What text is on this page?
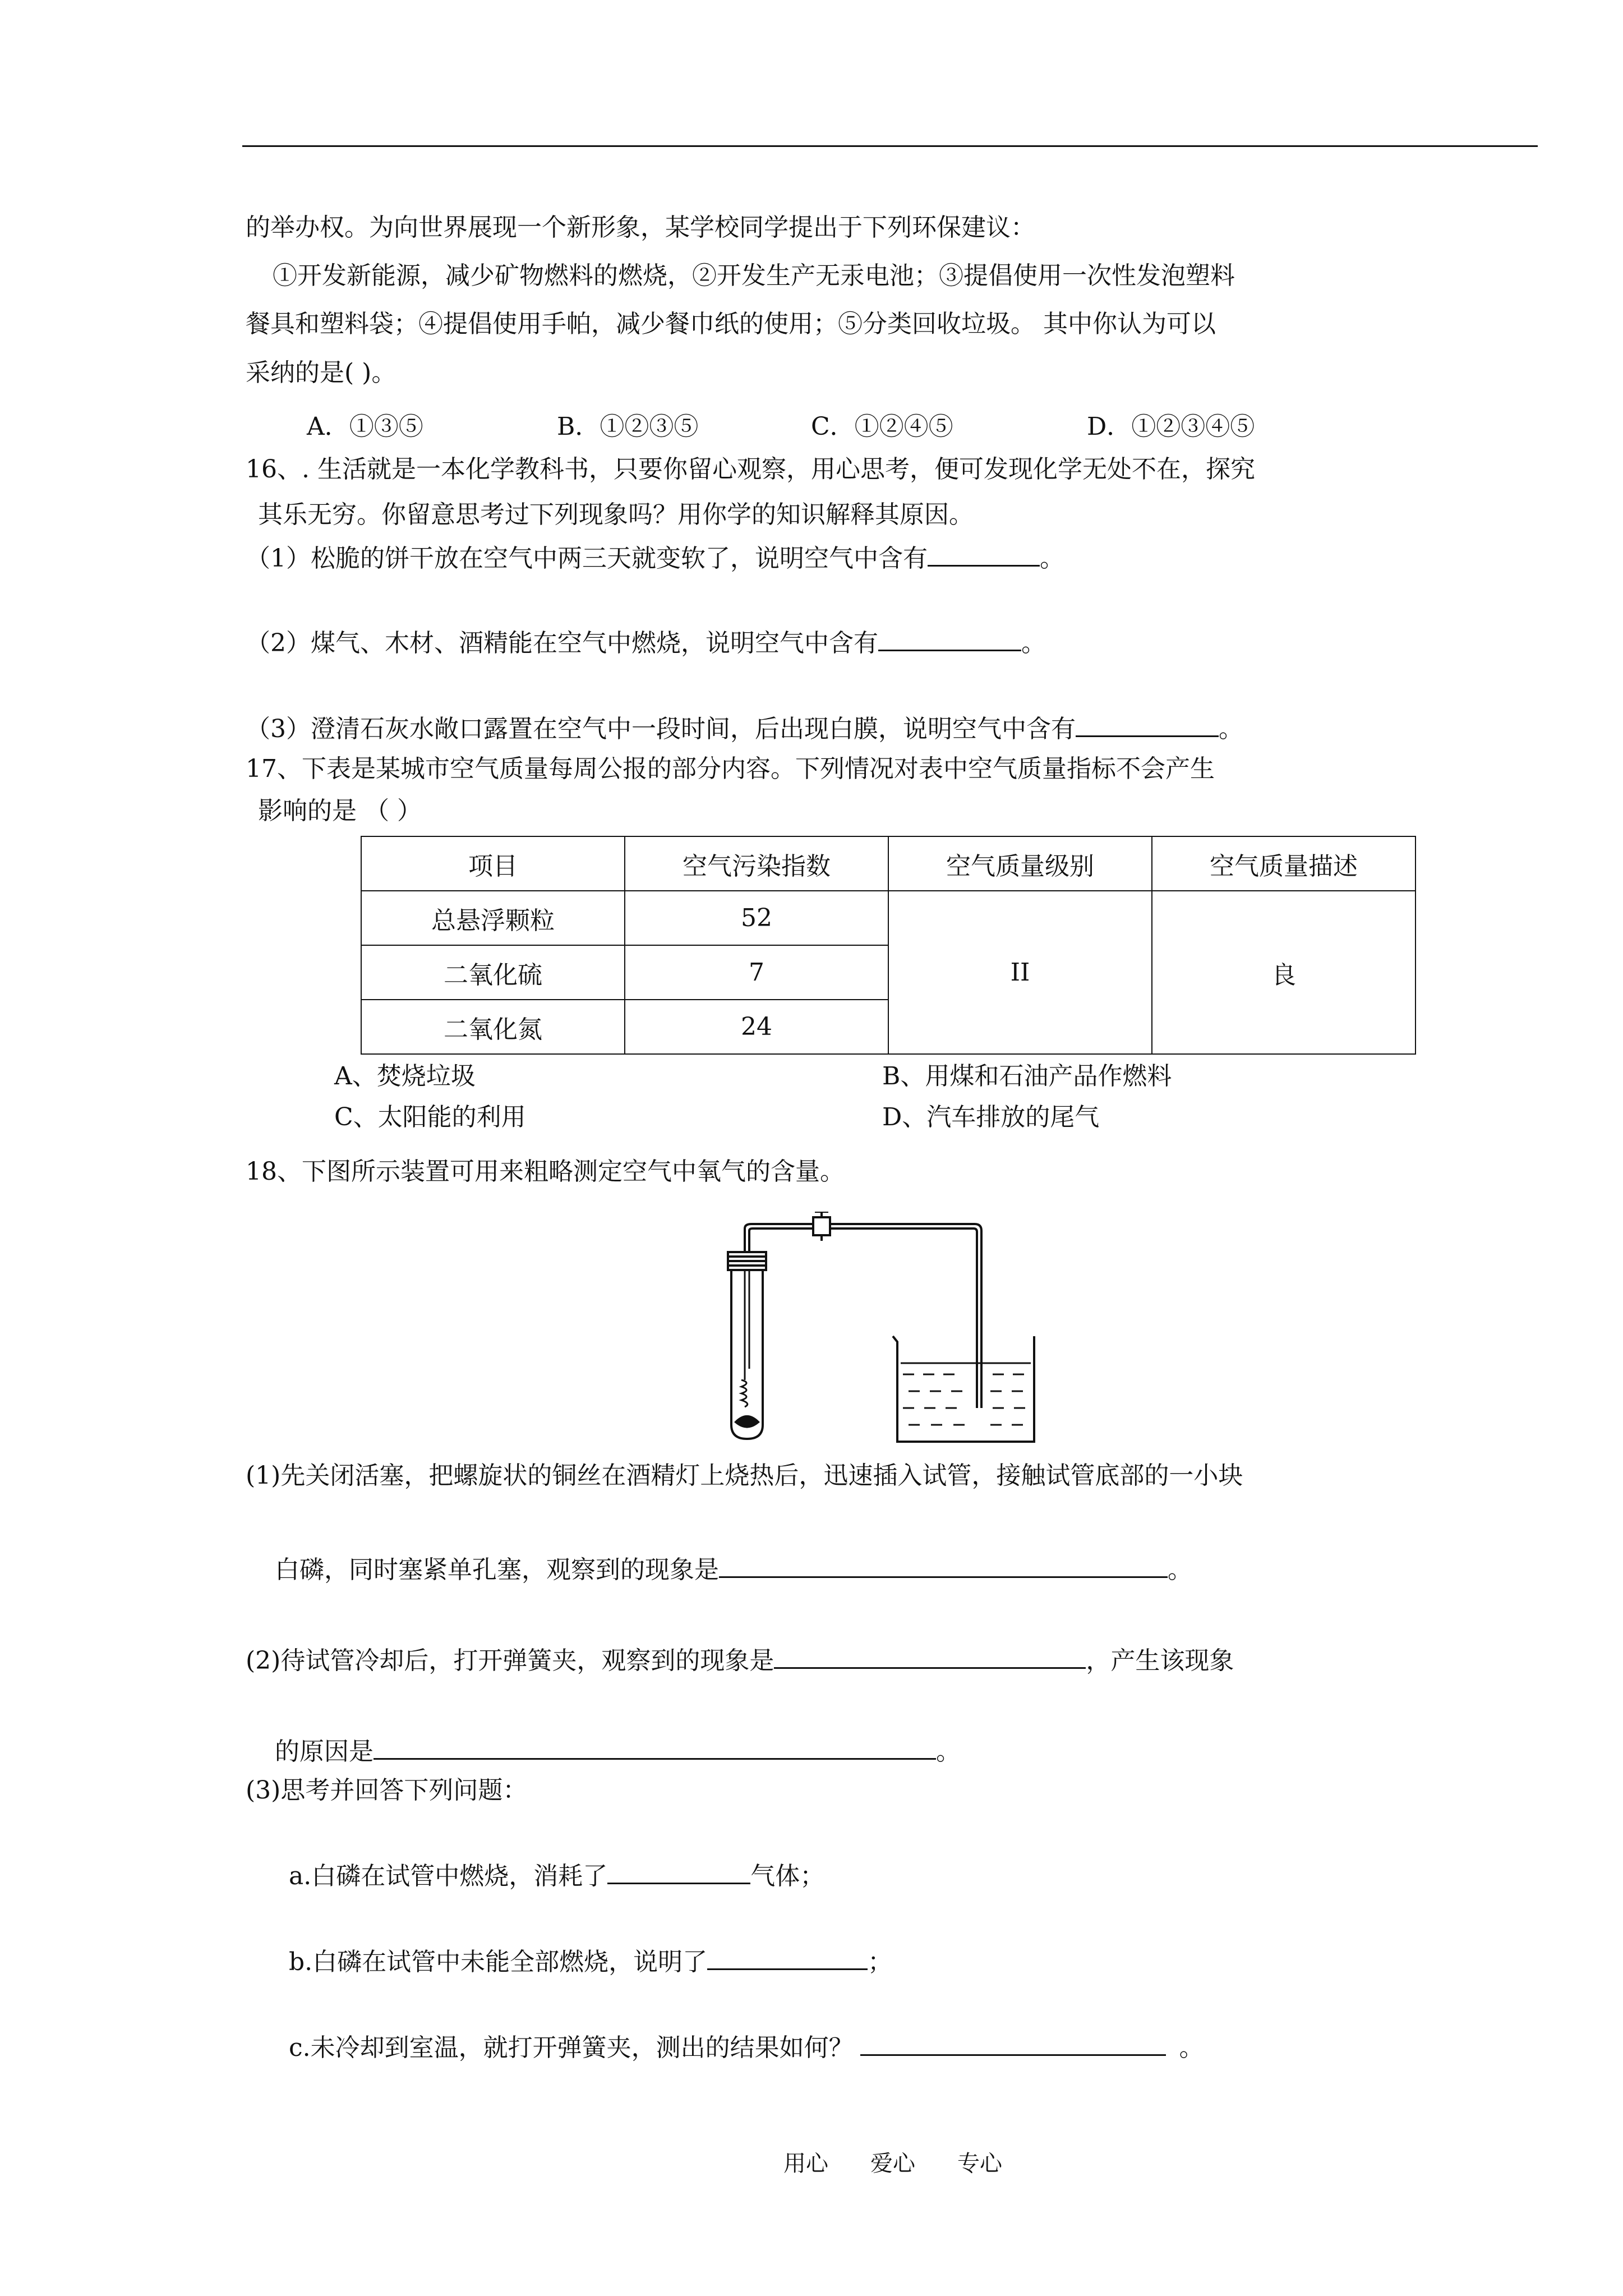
的举办权。为向世界展现一个新形象，某学校同学提出于下列环保建议：
①开发新能源，减少矿物燃料的燃烧，②开发生产无汞电池；③提倡使用一次性发泡塑料
餐具和塑料袋；④提倡使用手帕，减少餐巾纸的使用；⑤分类回收垃圾。 其中你认为可以
采纳的是( )。
A．①③⑤	B．①②③⑤	C．①②④⑤	D．①②③④⑤
16、. 生活就是一本化学教科书，只要你留心观察，用心思考，便可发现化学无处不在，探究
其乐无穷。你留意思考过下列现象吗？用你学的知识解释其原因。
（1）松脆的饼干放在空气中两三天就变软了，说明空气中含有	。
（2）煤气、木材、酒精能在空气中燃烧，说明空气中含有	。
（3）澄清石灰水敞口露置在空气中一段时间，后出现白膜，说明空气中含有	。
17、下表是某城市空气质量每周公报的部分内容。下列情况对表中空气质量指标不会产生
影响的是 （ ）
项目	空气污染指数	空气质量级别	空气质量描述
总悬浮颗粒	52	II	良
二氧化硫	7		
二氧化氮	24		
A、焚烧垃圾	B、用煤和石油产品作燃料
C、太阳能的利用	D、汽车排放的尾气
18、下图所示装置可用来粗略测定空气中氧气的含量。
(1)先关闭活塞，把螺旋状的铜丝在酒精灯上烧热后，迅速插入试管，接触试管底部的一小块
白磷，同时塞紧单孔塞，观察到的现象是	。
(2)待试管冷却后，打开弹簧夹，观察到的现象是	，产生该现象
的原因是	。
(3)思考并回答下列问题：
a.白磷在试管中燃烧，消耗了	气体；
b.白磷在试管中未能全部燃烧，说明了	；
c.未冷却到室温，就打开弹簧夹，测出的结果如何？	。
用心 爱心 专心
